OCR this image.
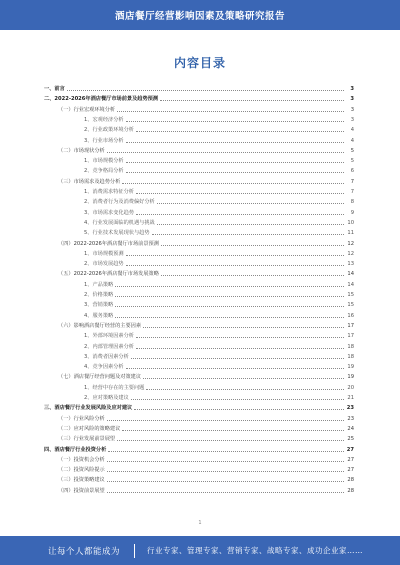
酒店餐厅经营影响因素及策略研究报告
内容目录
一、前言	3
二、2022-2026年酒店餐厅市场前景及趋势预测	3
（一）行业宏观环境分析	3
1、宏观经济分析	3
2、行业政策环境分析	4
3、行业市场分析	4
（二）市场现状分析	5
1、市场规模分析	5
2、竞争格局分析	6
（三）市场需求及趋势分析	7
1、消费需求特征分析	7
2、消费者行为及消费偏好分析	8
3、市场需求变化趋势	9
4、行业发展面临的机遇与挑战	10
5、行业技术发展现状与趋势	11
（四）2022-2026年酒店餐厅市场前景预测	12
1、市场规模预测	12
2、市场发展趋势	13
（五）2022-2026年酒店餐厅市场发展策略	14
1、产品策略	14
2、价格策略	15
3、营销策略	15
4、服务策略	16
（六）影响酒店餐厅经营的主要因素	17
1、外部环境因素分析	17
2、内部管理因素分析	18
3、消费者因素分析	18
4、竞争因素分析	19
（七）酒店餐厅经营问题及对策建议	19
1、经营中存在的主要问题	20
2、应对策略及建议	21
三、酒店餐厅行业发展风险及应对建议	23
（一）行业风险分析	23
（二）应对风险的策略建议	24
（三）行业发展前景展望	25
四、酒店餐厅行业投资分析	27
（一）投资机会分析	27
（二）投资风险提示	27
（三）投资策略建议	28
（四）投资前景展望	28
1
让每个人都能成为	行业专家、管理专家、营销专家、战略专家、成功企业家……
